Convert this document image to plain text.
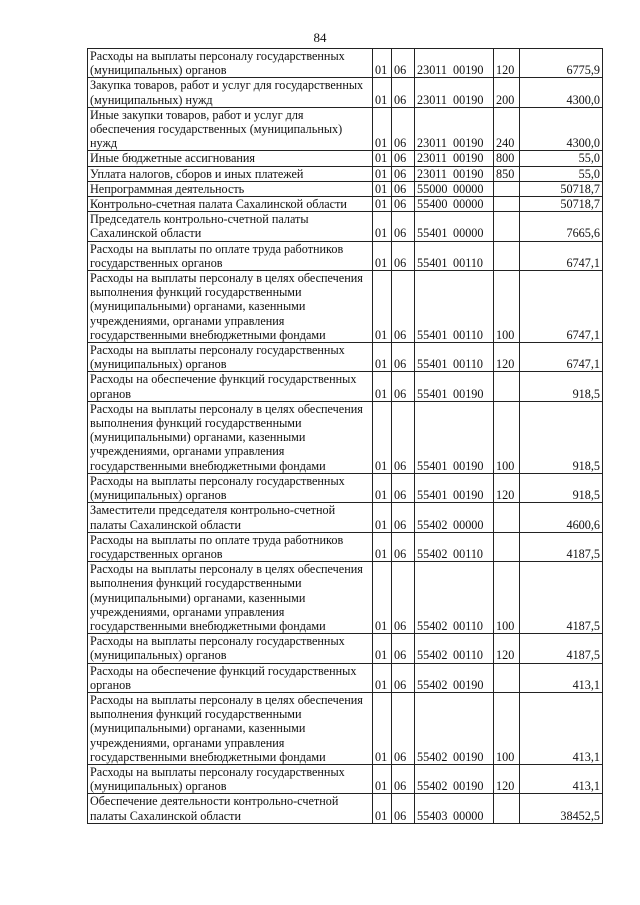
84
Расходы на выплаты персоналу государственных (муниципальных) органов	01	06	23011 00190	120	6775,9
Закупка товаров, работ и услуг для государственных (муниципальных) нужд	01	06	23011 00190	200	4300,0
Иные закупки товаров, работ и услуг для обеспечения государственных (муниципальных) нужд	01	06	23011 00190	240	4300,0
Иные бюджетные ассигнования	01	06	23011 00190	800	55,0
Уплата налогов, сборов и иных платежей	01	06	23011 00190	850	55,0
Непрограммная деятельность	01	06	55000 00000		50718,7
Контрольно-счетная палата Сахалинской области	01	06	55400 00000		50718,7
Председатель контрольно-счетной палаты Сахалинской области	01	06	55401 00000		7665,6
Расходы на выплаты по оплате труда работников государственных органов	01	06	55401 00110		6747,1
Расходы на выплаты персоналу в целях обеспечения выполнения функций государственными (муниципальными) органами, казенными учреждениями, органами управления государственными внебюджетными фондами	01	06	55401 00110	100	6747,1
Расходы на выплаты персоналу государственных (муниципальных) органов	01	06	55401 00110	120	6747,1
Расходы на обеспечение функций государственных органов	01	06	55401 00190		918,5
Расходы на выплаты персоналу в целях обеспечения выполнения функций государственными (муниципальными) органами, казенными учреждениями, органами управления государственными внебюджетными фондами	01	06	55401 00190	100	918,5
Расходы на выплаты персоналу государственных (муниципальных) органов	01	06	55401 00190	120	918,5
Заместители председателя контрольно-счетной палаты Сахалинской области	01	06	55402 00000		4600,6
Расходы на выплаты по оплате труда работников государственных органов	01	06	55402 00110		4187,5
Расходы на выплаты персоналу в целях обеспечения выполнения функций государственными (муниципальными) органами, казенными учреждениями, органами управления государственными внебюджетными фондами	01	06	55402 00110	100	4187,5
Расходы на выплаты персоналу государственных (муниципальных) органов	01	06	55402 00110	120	4187,5
Расходы на обеспечение функций государственных органов	01	06	55402 00190		413,1
Расходы на выплаты персоналу в целях обеспечения выполнения функций государственными (муниципальными) органами, казенными учреждениями, органами управления государственными внебюджетными фондами	01	06	55402 00190	100	413,1
Расходы на выплаты персоналу государственных (муниципальных) органов	01	06	55402 00190	120	413,1
Обеспечение деятельности контрольно-счетной палаты Сахалинской области	01	06	55403 00000		38452,5
